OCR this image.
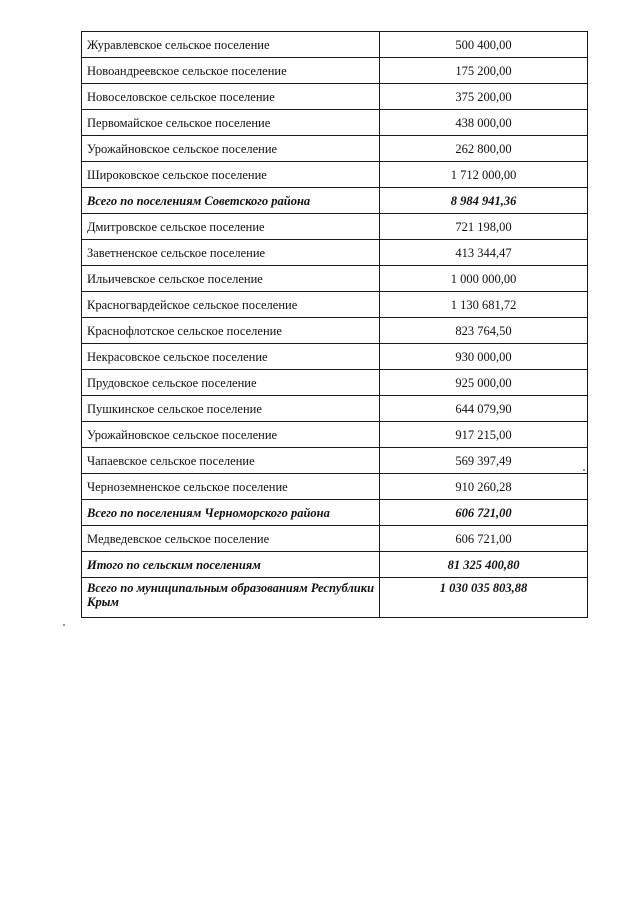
Журавлевское сельское поселение	500 400,00
Новоандреевское сельское поселение	175 200,00
Новоселовское сельское поселение	375 200,00
Первомайское сельское поселение	438 000,00
Урожайновское сельское поселение	262 800,00
Широковское сельское поселение	1 712 000,00
Всего по поселениям Советского района	8 984 941,36
Дмитровское сельское поселение	721 198,00
Заветненское сельское поселение	413 344,47
Ильичевское сельское поселение	1 000 000,00
Красногвардейское сельское поселение	1 130 681,72
Краснофлотское сельское поселение	823 764,50
Некрасовское сельское поселение	930 000,00
Прудовское сельское поселение	925 000,00
Пушкинское сельское поселение	644 079,90
Урожайновское сельское поселение	917 215,00
Чапаевское сельское поселение	569 397,49
Черноземненское сельское поселение	910 260,28
Всего по поселениям Черноморского района	606 721,00
Медведевское сельское поселение	606 721,00
Итого по сельским поселениям	81 325 400,80
Всего по муниципальным образованиям Республики Крым	1 030 035 803,88
